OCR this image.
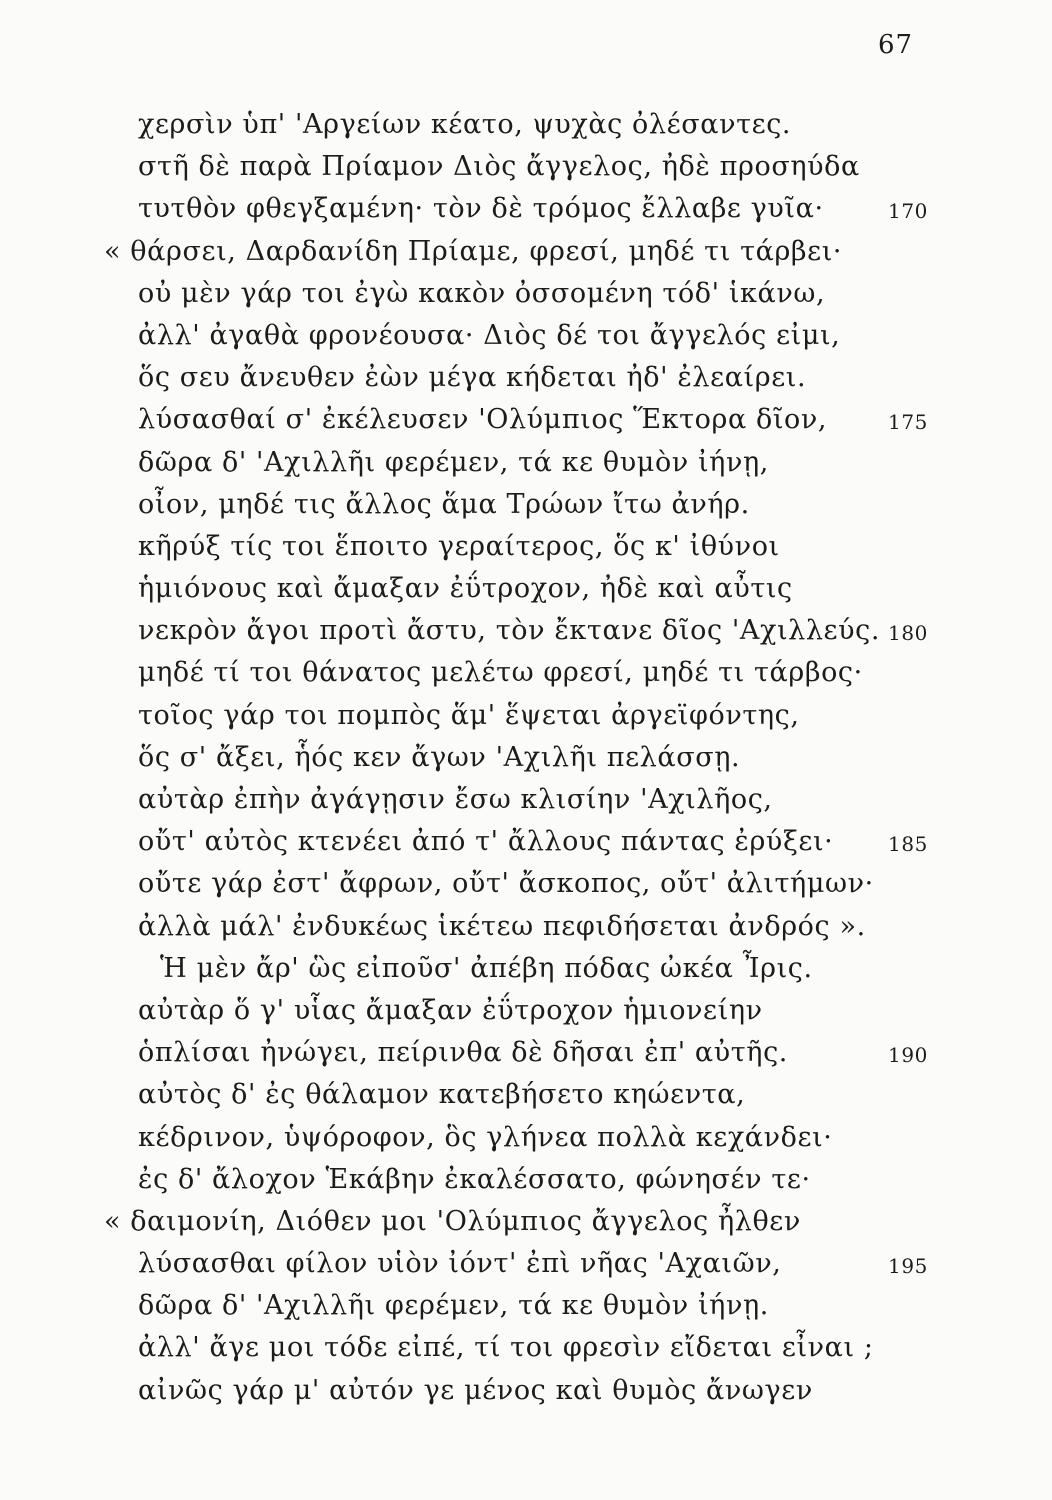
67
χερσὶν ὑπ' 'Αργείων κέατο, ψυχὰς ὀλέσαντες.
στῆ δὲ παρὰ Πρίαμον Διὸς ἄγγελος, ἠδὲ προσηύδα
τυτθὸν φθεγξαμένη· τὸν δὲ τρόμος ἔλλαβε γυῖα·	170
« θάρσει, Δαρδανίδη Πρίαμε, φρεσί, μηδέ τι τάρβει·
οὐ μὲν γάρ τοι ἐγὼ κακὸν ὀσσομένη τόδ' ἱκάνω,
ἀλλ' ἀγαθὰ φρονέουσα· Διὸς δέ τοι ἄγγελός εἰμι,
ὅς σευ ἄνευθεν ἐὼν μέγα κήδεται ἠδ' ἐλεαίρει.
λύσασθαί σ' ἐκέλευσεν 'Ολύμπιος Ἕκτορα δῖον,	175
δῶρα δ' 'Αχιλλῆι φερέμεν, τά κε θυμὸν ἰήνῃ,
οἶον, μηδέ τις ἄλλος ἅμα Τρώων ἴτω ἀνήρ.
κῆρύξ τίς τοι ἕποιτο γεραίτερος, ὅς κ' ἰθύνοι
ἡμιόνους καὶ ἄμαξαν ἐΰτροχον, ἠδὲ καὶ αὖτις
νεκρὸν ἄγοι προτὶ ἄστυ, τὸν ἔκτανε δῖος 'Αχιλλεύς. 180
μηδέ τί τοι θάνατος μελέτω φρεσί, μηδέ τι τάρβος·
τοῖος γάρ τοι πομπὸς ἅμ' ἕψεται ἀργεϊφόντης,
ὅς σ' ἄξει, ἧός κεν ἄγων 'Αχιλῆι πελάσσῃ.
αὐτὰρ ἐπὴν ἀγάγῃσιν ἔσω κλισίην 'Αχιλῆος,
οὔτ' αὐτὸς κτενέει ἀπό τ' ἄλλους πάντας ἐρύξει·	185
οὔτε γάρ ἐστ' ἄφρων, οὔτ' ἄσκοπος, οὔτ' ἀλιτήμων·
ἀλλὰ μάλ' ἐνδυκέως ἱκέτεω πεφιδήσεται ἀνδρός ».
Ἡ μὲν ἄρ' ὣς εἰποῦσ' ἀπέβη πόδας ὠκέα Ἶρις.
αὐτὰρ ὅ γ' υἷας ἄμαξαν ἐΰτροχον ἡμιονείην
ὁπλίσαι ἠνώγει, πείρινθα δὲ δῆσαι ἐπ' αὐτῆς.	190
αὐτὸς δ' ἐς θάλαμον κατεβήσετο κηώεντα,
κέδρινον, ὑψόροφον, ὃς γλήνεα πολλὰ κεχάνδει·
ἐς δ' ἄλοχον Ἑκάβην ἐκαλέσσατο, φώνησέν τε·
« δαιμονίη, Διόθεν μοι 'Ολύμπιος ἄγγελος ἦλθεν
λύσασθαι φίλον υἱὸν ἰόντ' ἐπὶ νῆας 'Αχαιῶν,	195
δῶρα δ' 'Αχιλλῆι φερέμεν, τά κε θυμὸν ἰήνῃ.
ἀλλ' ἄγε μοι τόδε εἰπέ, τί τοι φρεσὶν εἴδεται εἶναι ;
αἰνῶς γάρ μ' αὐτόν γε μένος καὶ θυμὸς ἄνωγεν
